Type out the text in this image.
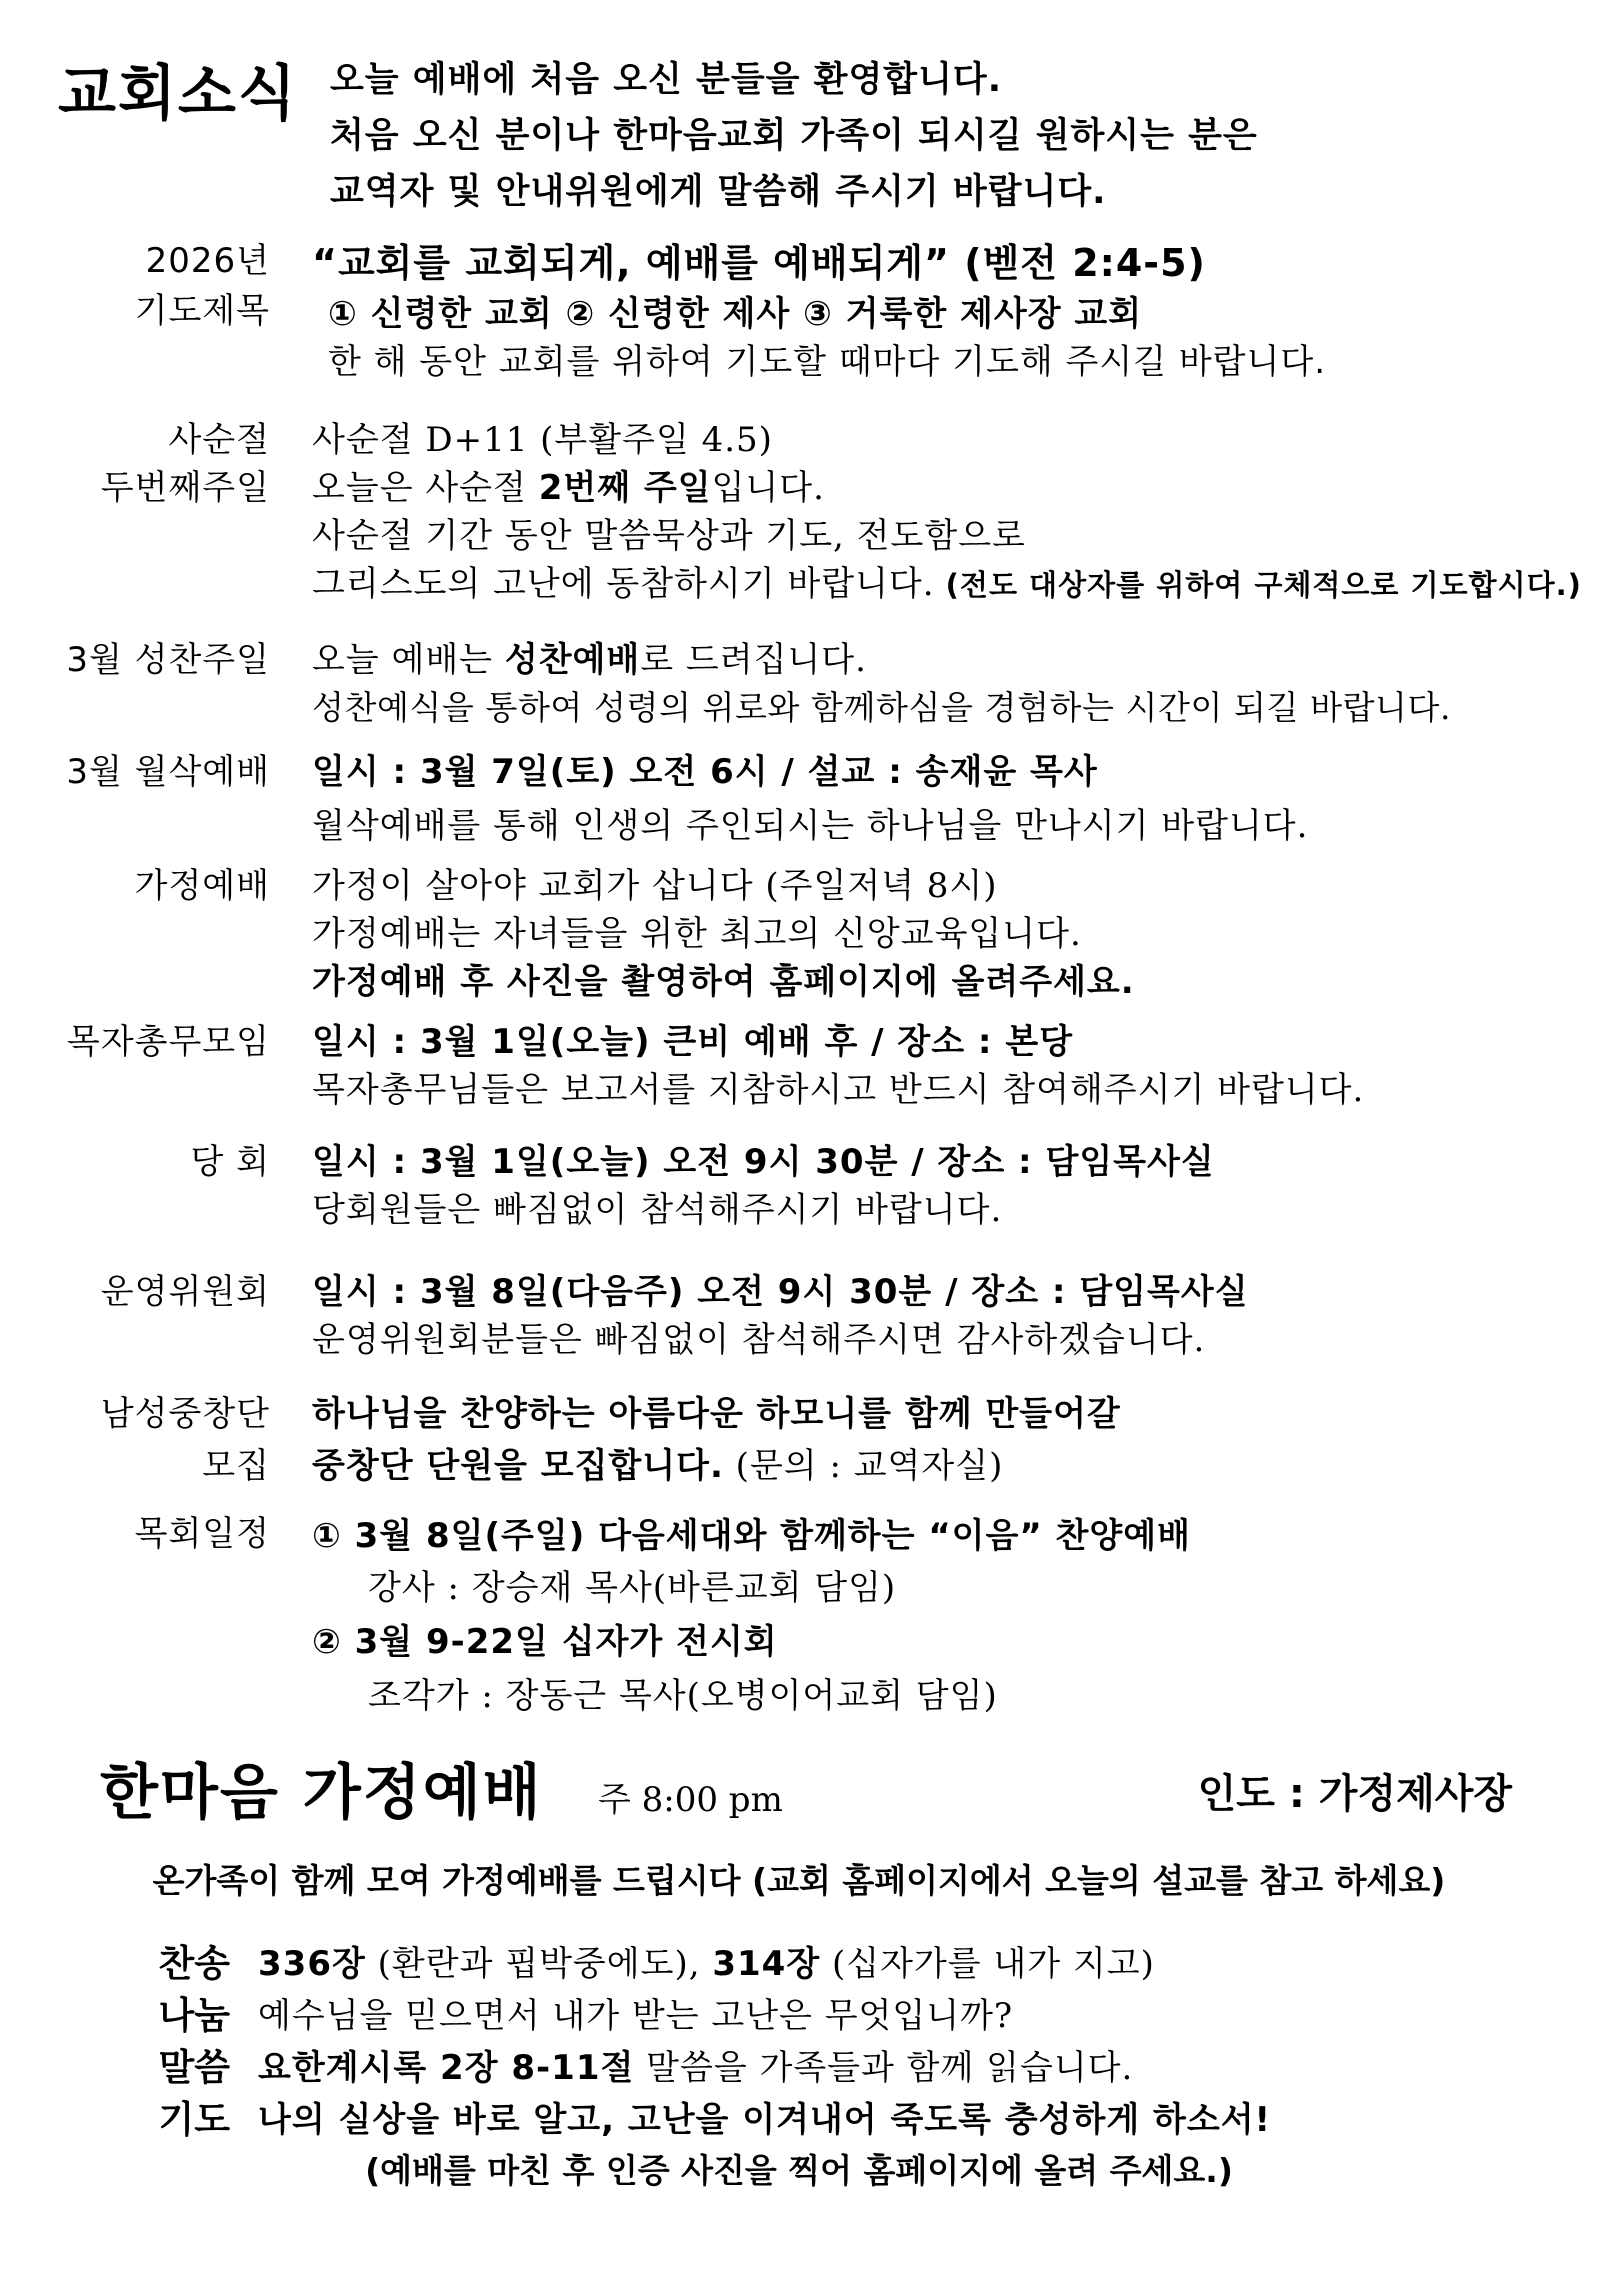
교회소식 오늘 예배에 처음 오신 분들을 환영합니다.
처음 오신 분이나 한마음교회 가족이 되시길 원하시는 분은
교역자 및 안내위원에게 말씀해 주시기 바랍니다.
2026년
기도제목
“교회를 교회되게, 예배를 예배되게” (벧전 2:4-5)
① 신령한 교회 ② 신령한 제사 ③ 거룩한 제사장 교회
한 해 동안 교회를 위하여 기도할 때마다 기도해 주시길 바랍니다.
사순절
두번째주일
사순절 D+11 (부활주일 4.5)
오늘은 사순절 2번째 주일입니다.
사순절 기간 동안 말씀묵상과 기도, 전도함으로
그리스도의 고난에 동참하시기 바랍니다. (전도 대상자를 위하여 구체적으로 기도합시다.)
3월 성찬주일 오늘 예배는 성찬예배로 드려집니다.
성찬예식을 통하여 성령의 위로와 함께하심을 경험하는 시간이 되길 바랍니다.
3월 월삭예배 일시 : 3월 7일(토) 오전 6시 / 설교 : 송재윤 목사
월삭예배를 통해 인생의 주인되시는 하나님을 만나시기 바랍니다.
가정예배 가정이 살아야 교회가 삽니다 (주일저녁 8시)
가정예배는 자녀들을 위한 최고의 신앙교육입니다.
가정예배 후 사진을 촬영하여 홈페이지에 올려주세요.
목자총무모임 일시 : 3월 1일(오늘) 큰비 예배 후 / 장소 : 본당
목자총무님들은 보고서를 지참하시고 반드시 참여해주시기 바랍니다.
당 회 일시 : 3월 1일(오늘) 오전 9시 30분 / 장소 : 담임목사실
당회원들은 빠짐없이 참석해주시기 바랍니다.
운영위원회 일시 : 3월 8일(다음주) 오전 9시 30분 / 장소 : 담임목사실
운영위원회분들은 빠짐없이 참석해주시면 감사하겠습니다.
남성중창단
모집
하나님을 찬양하는 아름다운 하모니를 함께 만들어갈
중창단 단원을 모집합니다. (문의 : 교역자실)
목회일정 ① 3월 8일(주일) 다음세대와 함께하는 “이음” 찬양예배
강사 : 장승재 목사(바른교회 담임)
② 3월 9-22일 십자가 전시회
조각가 : 장동근 목사(오병이어교회 담임)
한마음 가정예배 주 8:00 pm	인도 : 가정제사장
온가족이 함께 모여 가정예배를 드립시다 (교회 홈페이지에서 오늘의 설교를 참고 하세요)
찬송 336장 (환란과 핍박중에도), 314장 (십자가를 내가 지고)
나눔 예수님을 믿으면서 내가 받는 고난은 무엇입니까?
말씀 요한계시록 2장 8-11절 말씀을 가족들과 함께 읽습니다.
기도 나의 실상을 바로 알고, 고난을 이겨내어 죽도록 충성하게 하소서!
(예배를 마친 후 인증 사진을 찍어 홈페이지에 올려 주세요.)
